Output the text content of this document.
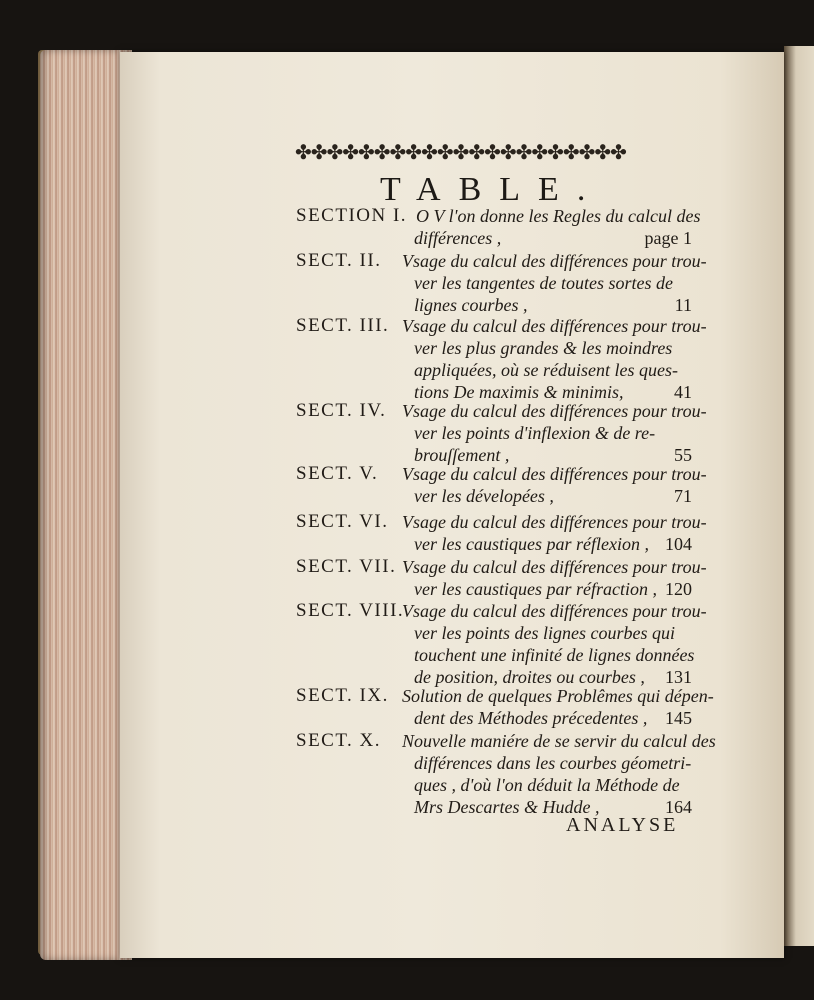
✤✤✤✤✤✤✤✤✤✤✤✤✤✤✤✤✤✤✤✤✤
TABLE.
SECTION I. O V l'on donne les Regles du calcul des
différences ,	page 1
SECT. II. Vsage du calcul des différences pour trou-
ver les tangentes de toutes sortes de
lignes courbes ,	11
SECT. III. Vsage du calcul des différences pour trou-
ver les plus grandes & les moindres
appliquées, où se réduisent les ques-
tions De maximis & minimis,	41
SECT. IV. Vsage du calcul des différences pour trou-
ver les points d'inflexion & de re-
brouſſement ,	55
SECT. V. Vsage du calcul des différences pour trou-
ver les dévelopées ,	71
SECT. VI. Vsage du calcul des différences pour trou-
ver les caustiques par réflexion , 104
SECT. VII. Vsage du calcul des différences pour trou-
ver les caustiques par réfraction , 120
SECT. VIII.
Vsage du calcul des différences pour trou-
ver les points des lignes courbes qui
touchent une infinité de lignes données
de position, droites ou courbes , 131
SECT. IX. Solution de quelques Problêmes qui dépen-
dent des Méthodes précedentes , 145
SECT. X. Nouvelle maniére de se servir du calcul des
différences dans les courbes géometri-
ques , d'où l'on déduit la Méthode de
Mrs Descartes & Hudde ,	164
ANALYSE
